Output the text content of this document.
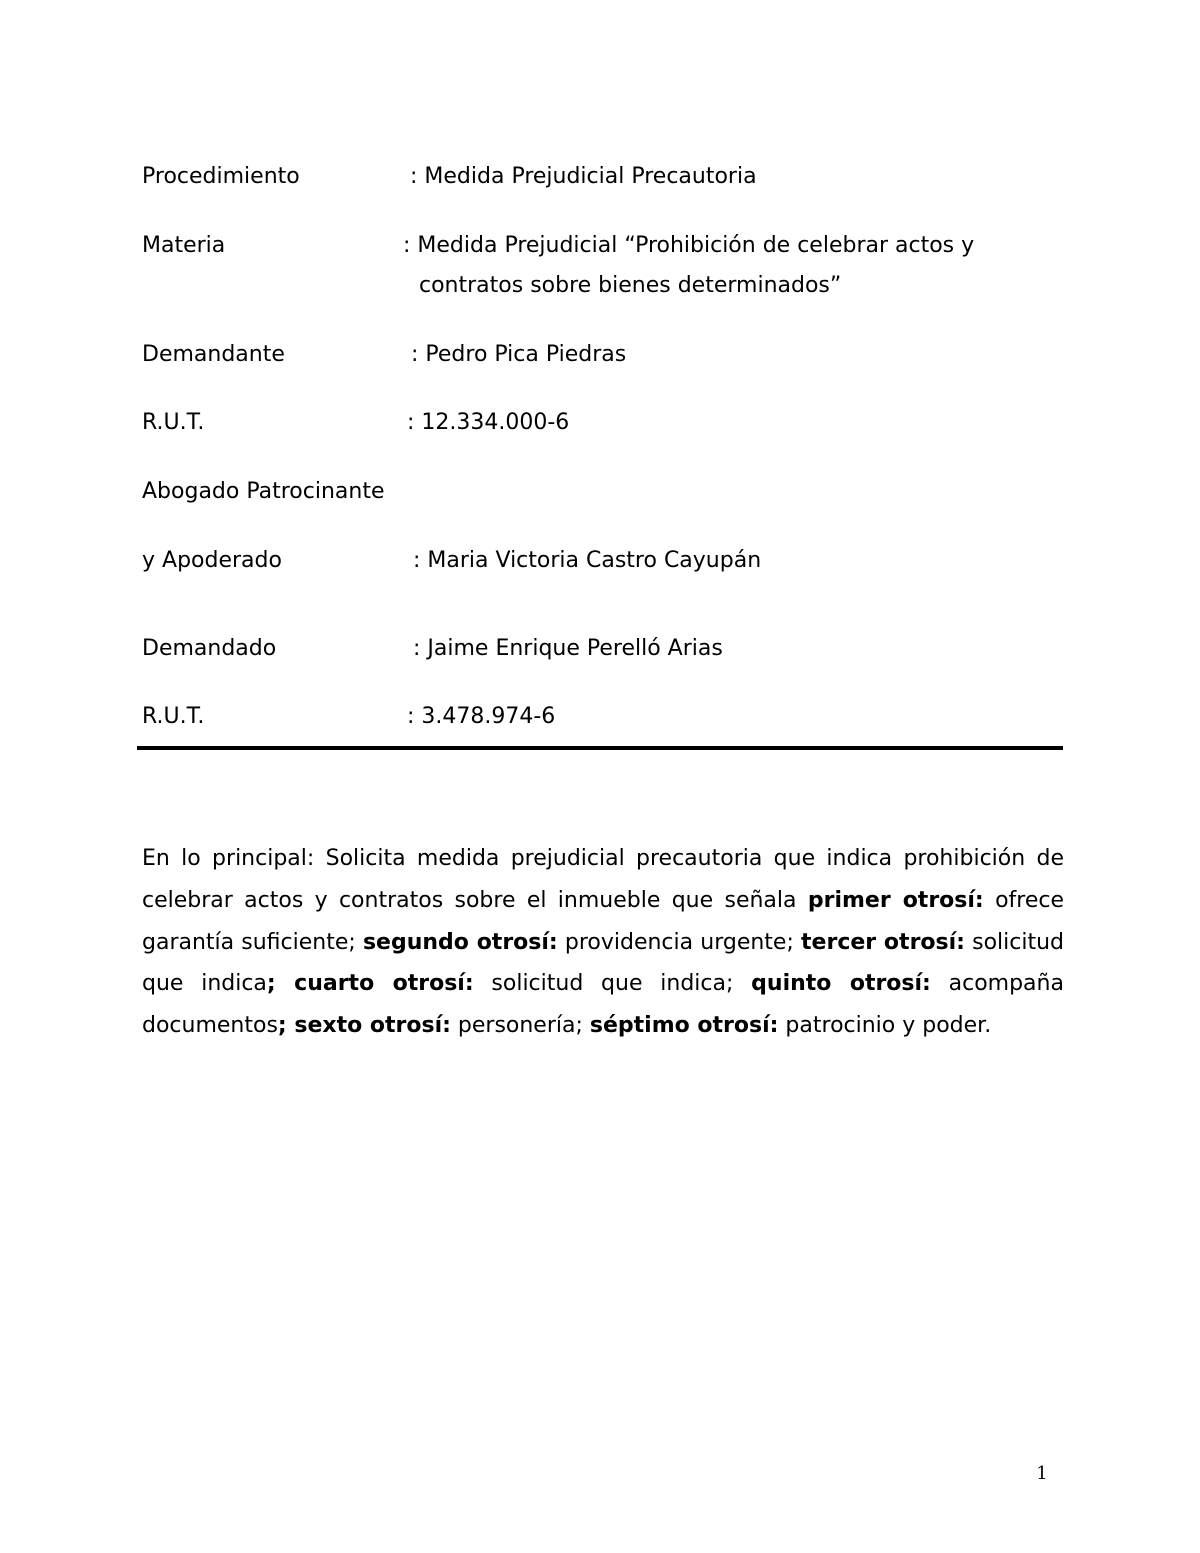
Procedimiento	: Medida Prejudicial Precautoria
Materia	: Medida Prejudicial “Prohibición de celebrar actos y
contratos sobre bienes determinados”
Demandante	: Pedro Pica Piedras
R.U.T.	: 12.334.000-6
Abogado Patrocinante
y Apoderado	: Maria Victoria Castro Cayupán
Demandado	: Jaime Enrique Perelló Arias
R.U.T.	: 3.478.974-6

En lo principal: Solicita medida prejudicial precautoria que indica prohibición de celebrar actos y contratos sobre el inmueble que señala primer otrosí: ofrece garantía suficiente; segundo otrosí: providencia urgente; tercer otrosí: solicitud que indica; cuarto otrosí: solicitud que indica; quinto otrosí: acompaña documentos; sexto otrosí: personería; séptimo otrosí: patrocinio y poder.

1
